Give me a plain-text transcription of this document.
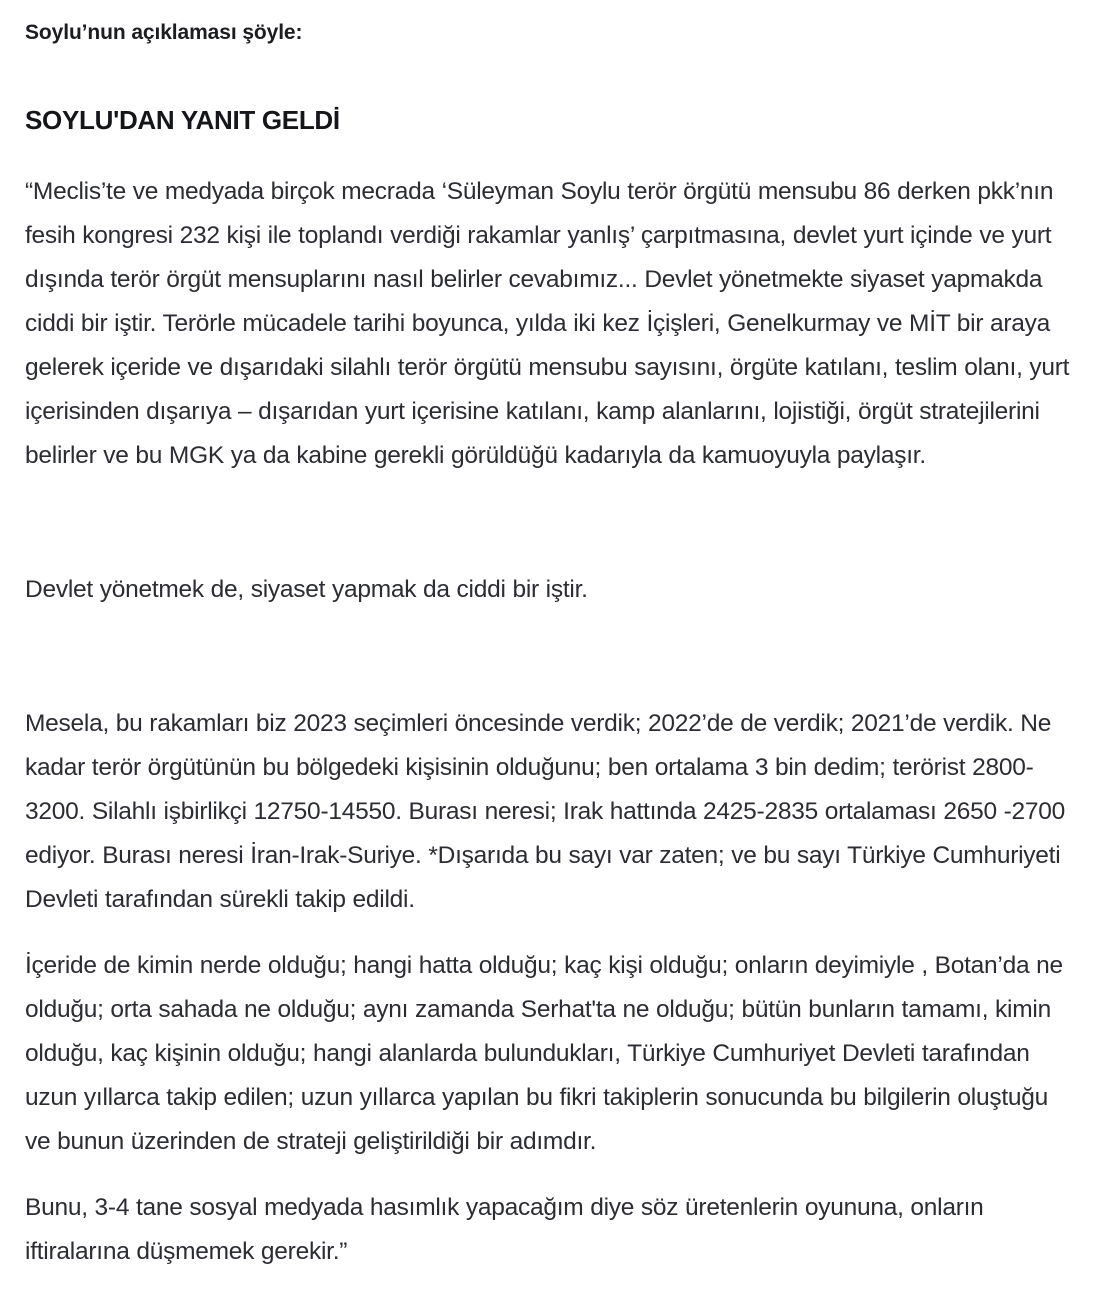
Soylu’nun açıklaması şöyle:

SOYLU'DAN YANIT GELDİ

“Meclis’te ve medyada birçok mecrada ‘Süleyman Soylu terör örgütü mensubu 86 derken pkk’nın fesih kongresi 232 kişi ile toplandı verdiği rakamlar yanlış’ çarpıtmasına, devlet yurt içinde ve yurt dışında terör örgüt mensuplarını nasıl belirler cevabımız... Devlet yönetmekte siyaset yapmakda ciddi bir iştir. Terörle mücadele tarihi boyunca, yılda iki kez İçişleri, Genelkurmay ve MİT bir araya gelerek içeride ve dışarıdaki silahlı terör örgütü mensubu sayısını, örgüte katılanı, teslim olanı, yurt içerisinden dışarıya – dışarıdan yurt içerisine katılanı, kamp alanlarını, lojistiği, örgüt stratejilerini belirler ve bu MGK ya da kabine gerekli görüldüğü kadarıyla da kamuoyuyla paylaşır.

Devlet yönetmek de, siyaset yapmak da ciddi bir iştir.

Mesela, bu rakamları biz 2023 seçimleri öncesinde verdik; 2022’de de verdik; 2021’de verdik. Ne kadar terör örgütünün bu bölgedeki kişisinin olduğunu; ben ortalama 3 bin dedim; terörist 2800-3200. Silahlı işbirlikçi 12750-14550. Burası neresi; Irak hattında 2425-2835 ortalaması 2650 -2700 ediyor. Burası neresi İran-Irak-Suriye. *Dışarıda bu sayı var zaten; ve bu sayı Türkiye Cumhuriyeti Devleti tarafından sürekli takip edildi.

İçeride de kimin nerde olduğu; hangi hatta olduğu; kaç kişi olduğu; onların deyimiyle , Botan’da ne olduğu; orta sahada ne olduğu; aynı zamanda Serhat'ta ne olduğu; bütün bunların tamamı, kimin olduğu, kaç kişinin olduğu; hangi alanlarda bulundukları, Türkiye Cumhuriyet Devleti tarafından uzun yıllarca takip edilen; uzun yıllarca yapılan bu fikri takiplerin sonucunda bu bilgilerin oluştuğu ve bunun üzerinden de strateji geliştirildiği bir adımdır.

Bunu, 3-4 tane sosyal medyada hasımlık yapacağım diye söz üretenlerin oyununa, onların iftiralarına düşmemek gerekir.”
